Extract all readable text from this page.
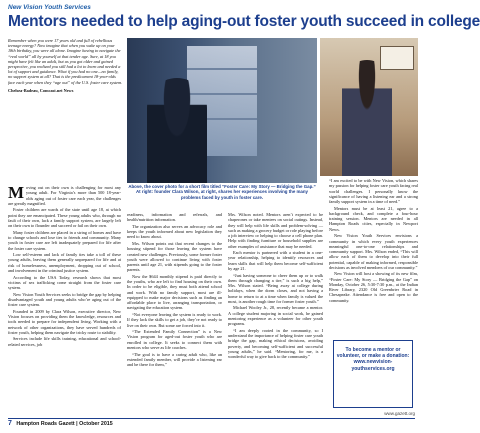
New Vision Youth Services
Mentors needed to help aging-out foster youth succeed in college

Remember when you were 17 years old and full of rebellious teenage energy? Now imagine that when you wake up on your 18th birthday, you were all alone. Imagine having to navigate the “real world” all by yourself at that tender age. Sure, at 18 you might have felt like an adult, but as you got older and gained perspective, you realized you still had a lot to learn and needed a lot of support and guidance. What if you had no one—no family, no support system at all? That is the predicament 18-year-olds face each year when they “age out” of the U.S. foster care system.

Chelsea-Badeau, Comcast.net News

Above, the cover photo for a short film titled “Foster Care: My Story — Bridging the Gap.” At right: founder Clara Wilson, at right, shares her experiences involving the many problems faced by youth in foster care.

Moving out on their own is challenging for most any young adult. For Virginia’s more than 500 18-year-olds aging out of foster care each year, the challenges are greatly magnified.

Foster children are wards of the state until age 18, at which point they are emancipated. These young adults who, through no fault of their own, lack a family support system, are largely left on their own to flounder and succeed or fail on their own.

Many foster children are placed in a string of homes and have to change schools and lose ties to friends and community. Many youth in foster care are left inadequately prepared for life after the foster care system.

Low self-esteem and lack of family ties take a toll of these young adults, leaving them generally unprepared for life and at risk of homelessness, unemployment, dropping out of school, and involvement in the criminal justice system.

According to the USA Today, research shows that most victims of sex trafficking come straight from the foster care system.

New Vision Youth Services seeks to bridge the gap by helping disadvantaged youth and young adults who’re aging out of the foster care system.

Founded in 2009 by Clara Wilson, executive director, New Vision focuses on providing them the knowledge, resources and tools needed to prepare for independent living. Working with a network of other organizations, they have served hundreds of foster youth, helping them navigate the tricky route to stability.

Services include life skills training, educational and school-related services, job

readiness, information and referrals, and health/nutrition information.

The organization also serves an advocacy role and keeps the youth informed about new legislation they need to know about.

Mrs. Wilson points out that recent changes to the housing stipend for those leaving the system have created new challenges. Previously, some former foster youth were allowed to continue living with foster parents until age 21, with stipends going to the foster parents.

Now the $644 monthly stipend is paid directly to the youths, who are left to find housing on their own. In order to be eligible, they must both attend school and work. With no family support, most are ill-equipped to make major decisions such as finding an affordable place to live, arranging transportation, or navigating the education system.

“Not everyone leaving the system is ready to work. If they lack the skills to get a job, they’re not ready to live on their own. But some are forced into it.

“The Extended Family Connection” is a New Vision program for aged-out foster youth who are enrolled in college. It seeks to connect them with mentors who serve as life coaches.

“The goal is to have a caring adult who, like an extended family member, will provide a listening ear and be there for them,”

Mrs. Wilson noted. Mentors aren’t expected to be chaperones or take mentees on social outings. Instead, they will help with life skills and problem-solving — such as making a grocery budget or role playing before a job interview or helping to choose a cell phone plan. Help with finding furniture or household supplies are other examples of assistance that may be needed.

Each mentor is partnered with a student in a one-year relationship, helping to identify resources and learn skills that will help them become self-sufficient by age 21.

“Just having someone to cheer them up or to walk them through changing a tire,” is such a big help,” Mrs. Wilson stated. “Being away at college during holidays, when the dorm closes, and not having a home to return to at a time when family is valued the most, is another rough time for former foster youth.”

Michael Wooley Jr., 28, recently became a mentor. A college student majoring in social work, he gained mentoring experience as a volunteer for other youth programs.

“I am deeply rooted in the community, so I understand the importance of helping foster care youth bridge the gap, making ethical decisions, avoiding poverty, and becoming self-sufficient and successful young adults,” he said. “Mentoring, for me, is a wonderful way to give back to the community.”

“I am excited to be with New Vision, which shares my passion for helping foster care youth facing real world challenges. I personally know the significance of having a listening ear and a strong family support system in a time of need.”

Mentors must be at least 21, agree to a background check, and complete a four-hour training session. Mentors are needed in all Hampton Roads cities, especially in Newport News.

New Vision Youth Services envisions a community in which every youth experiences meaningful one-to-one relationships and community support. Mrs. Wilson ended, “This will allow each of them to develop into their full potential, capable of making informed, responsible decisions as involved members of our community.”

New Vision will host a showing of its new film, “Foster Care: My Story — Bridging the Gap” on Monday, October 26, 5:30-7:30 p.m., at the Indian River Library, 2320 Old Greenbrier Road in Chesapeake. Attendance is free and open to the community.

To become a mentor or volunteer, or make a donation: www.newvision-youthservices.org
www.gazett.org
7 Hampton Roads Gazett | October 2015
